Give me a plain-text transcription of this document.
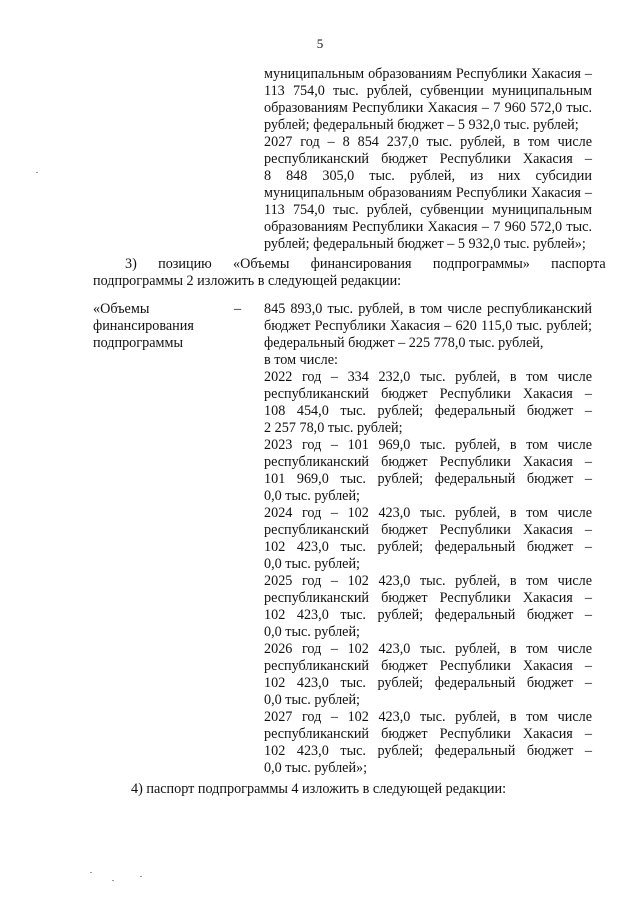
5
муниципальным образованиям Республики Хакасия –
113 754,0 тыс. рублей, субвенции муниципальным
образованиям Республики Хакасия – 7 960 572,0 тыс.
рублей; федеральный бюджет – 5 932,0 тыс. рублей;
2027 год – 8 854 237,0 тыс. рублей, в том числе
республиканский бюджет Республики Хакасия –
8 848 305,0 тыс. рублей, из них субсидии
муниципальным образованиям Республики Хакасия –
113 754,0 тыс. рублей, субвенции муниципальным
образованиям Республики Хакасия – 7 960 572,0 тыс.
рублей; федеральный бюджет – 5 932,0 тыс. рублей»;
3)      позицию      «Объемы      финансирования      подпрограммы»      паспорта
подпрограммы 2 изложить в следующей редакции:
«Объемы
финансирования
подпрограммы
– 845 893,0 тыс. рублей, в том числе республиканский
бюджет Республики Хакасия – 620 115,0 тыс. рублей;
федеральный бюджет – 225 778,0 тыс. рублей,
в том числе:
2022 год – 334 232,0 тыс. рублей, в том числе
республиканский бюджет Республики Хакасия –
108 454,0 тыс. рублей; федеральный бюджет –
2 257 78,0 тыс. рублей;
2023 год – 101 969,0 тыс. рублей, в том числе
республиканский бюджет Республики Хакасия –
101 969,0 тыс. рублей; федеральный бюджет –
0,0 тыс. рублей;
2024 год – 102 423,0 тыс. рублей, в том числе
республиканский бюджет Республики Хакасия –
102 423,0 тыс. рублей; федеральный бюджет –
0,0 тыс. рублей;
2025 год – 102 423,0 тыс. рублей, в том числе
республиканский бюджет Республики Хакасия –
102 423,0 тыс. рублей; федеральный бюджет –
0,0 тыс. рублей;
2026 год – 102 423,0 тыс. рублей, в том числе
республиканский бюджет Республики Хакасия –
102 423,0 тыс. рублей; федеральный бюджет –
0,0 тыс. рублей;
2027 год – 102 423,0 тыс. рублей, в том числе
республиканский бюджет Республики Хакасия –
102 423,0 тыс. рублей; федеральный бюджет –
0,0 тыс. рублей»;
4) паспорт подпрограммы 4 изложить в следующей редакции:
